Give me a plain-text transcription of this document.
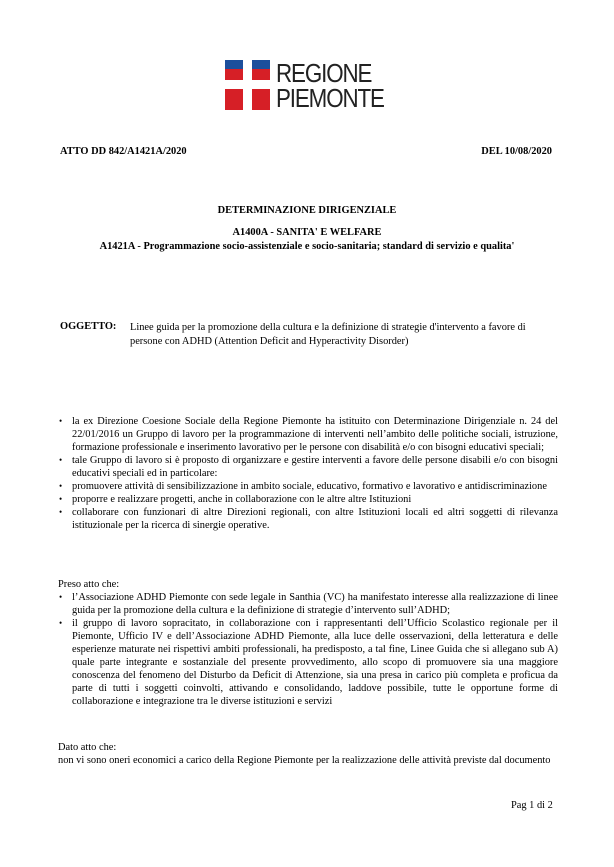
REGIONE
PIEMONTE
ATTO DD 842/A1421A/2020	DEL 10/08/2020
DETERMINAZIONE DIRIGENZIALE
A1400A - SANITA' E WELFARE
A1421A - Programmazione socio-assistenziale e socio-sanitaria; standard di servizio e qualita'
OGGETTO: Linee guida per la promozione della cultura e la definizione di strategie d'intervento a favore di persone con ADHD (Attention Deficit and Hyperactivity Disorder)
• la ex Direzione Coesione Sociale della Regione Piemonte ha istituito con Determinazione Dirigenziale n. 24 del 22/01/2016 un Gruppo di lavoro per la programmazione di interventi nell’ambito delle politiche sociali, istruzione, formazione professionale e inserimento lavorativo per le persone con disabilità e/o con bisogni educativi speciali;
• tale Gruppo di lavoro si è proposto di organizzare e gestire interventi a favore delle persone disabili e/o con bisogni educativi speciali ed in particolare:
• promuovere attività di sensibilizzazione in ambito sociale, educativo, formativo e lavorativo e antidiscriminazione
• proporre e realizzare progetti, anche in collaborazione con le altre altre Istituzioni
• collaborare con funzionari di altre Direzioni regionali, con altre Istituzioni locali ed altri soggetti di rilevanza istituzionale per la ricerca di sinergie operative.
Preso atto che:
• l’Associazione ADHD Piemonte con sede legale in Santhia (VC) ha manifestato interesse alla realizzazione di linee guida per la promozione della cultura e la definizione di strategie d’intervento sull’ADHD;
• il gruppo di lavoro sopracitato, in collaborazione con i rappresentanti dell’Ufficio Scolastico regionale per il Piemonte, Ufficio IV e dell’Associazione ADHD Piemonte, alla luce delle osservazioni, della letteratura e delle esperienze maturate nei rispettivi ambiti professionali, ha predisposto, a tal fine, Linee Guida che si allegano sub A) quale parte integrante e sostanziale del presente provvedimento, allo scopo di promuovere sia una maggiore conoscenza del fenomeno del Disturbo da Deficit di Attenzione, sia una presa in carico più completa e proficua da parte di tutti i soggetti coinvolti, attivando e consolidando, laddove possibile, tutte le opportune forme di collaborazione e integrazione tra le diverse istituzioni e servizi
Dato atto che:
non vi sono oneri economici a carico della Regione Piemonte per la realizzazione delle attività previste dal documento
Pag 1 di 2
